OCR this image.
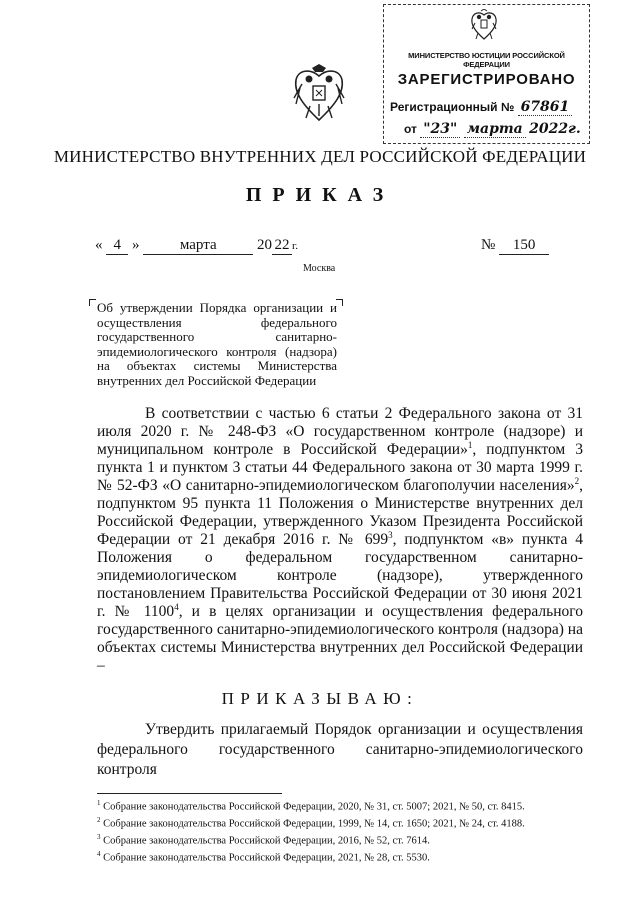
МИНИСТЕРСТВО ЮСТИЦИИ РОССИЙСКОЙ ФЕДЕРАЦИИ
ЗАРЕГИСТРИРОВАНО
Регистрационный № 67861
от "23" марта 2022г.
МИНИСТЕРСТВО ВНУТРЕННИХ ДЕЛ РОССИЙСКОЙ ФЕДЕРАЦИИ
ПРИКАЗ
« 4 »	марта	20 22 г.	№ 150
Москва
Об утверждении Порядка организации и осуществления федерального государственного санитарно-эпидемиологического контроля (надзора) на объектах системы Министерства внутренних дел Российской Федерации
В соответствии с частью 6 статьи 2 Федерального закона от 31 июля 2020 г. № 248-ФЗ «О государственном контроле (надзоре) и муниципальном контроле в Российской Федерации»$^1$, подпунктом 3 пункта 1 и пунктом 3 статьи 44 Федерального закона от 30 марта 1999 г. № 52-ФЗ «О санитарно-эпидемиологическом благополучии населения»$^2$, подпунктом 95 пункта 11 Положения о Министерстве внутренних дел Российской Федерации, утвержденного Указом Президента Российской Федерации от 21 декабря 2016 г. № $699^3$, подпунктом «в» пункта 4 Положения о федеральном государственном санитарно-эпидемиологическом контроле (надзоре), утвержденного постановлением Правительства Российской Федерации от 30 июня 2021 г. № 1100$^4$, и в целях организации и осуществления федерального государственного санитарно-эпидемиологического контроля (надзора) на объектах системы Министерства внутренних дел Российской Федерации –
ПРИКАЗЫВАЮ:
Утвердить прилагаемый Порядок организации и осуществления федерального государственного санитарно-эпидемиологического контроля
$^1$ Собрание законодательства Российской Федерации, 2020, № 31, ст. 5007; 2021, № 50, ст. 8415.
$^2$ Собрание законодательства Российской Федерации, 1999, № 14, ст. 1650; 2021, № 24, ст. 4188.
$^3$ Собрание законодательства Российской Федерации, 2016, № 52, ст. 7614.
$^4$ Собрание законодательства Российской Федерации, 2021, № 28, ст. 5530.
